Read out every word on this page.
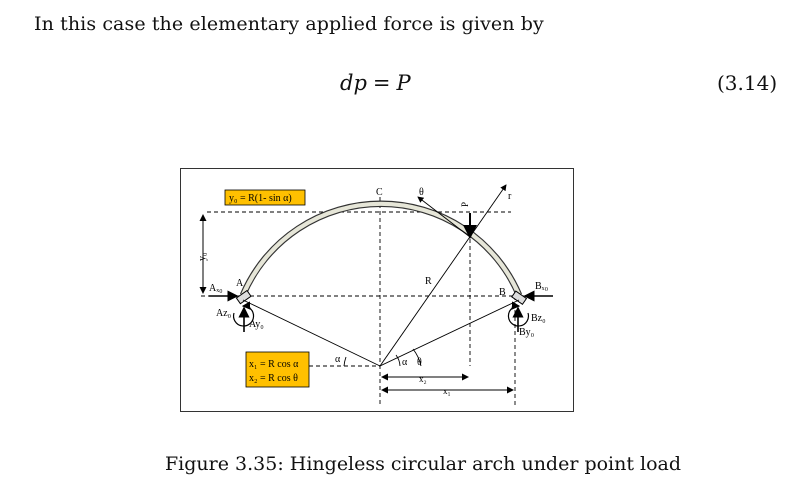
In this case the elementary applied force is given by
dp = P	(3.14)
y₀ = R(1- sin α)
x₁ = R cos α
x₂ = R cos θ
C	θ
P
r
y₀
A
B
R
Aₓ₀
Az₀
Ay₀
Bₓ₀
Bz₀
By₀
α	α θ
x₂
x₁
Figure 3.35: Hingeless circular arch under point load
